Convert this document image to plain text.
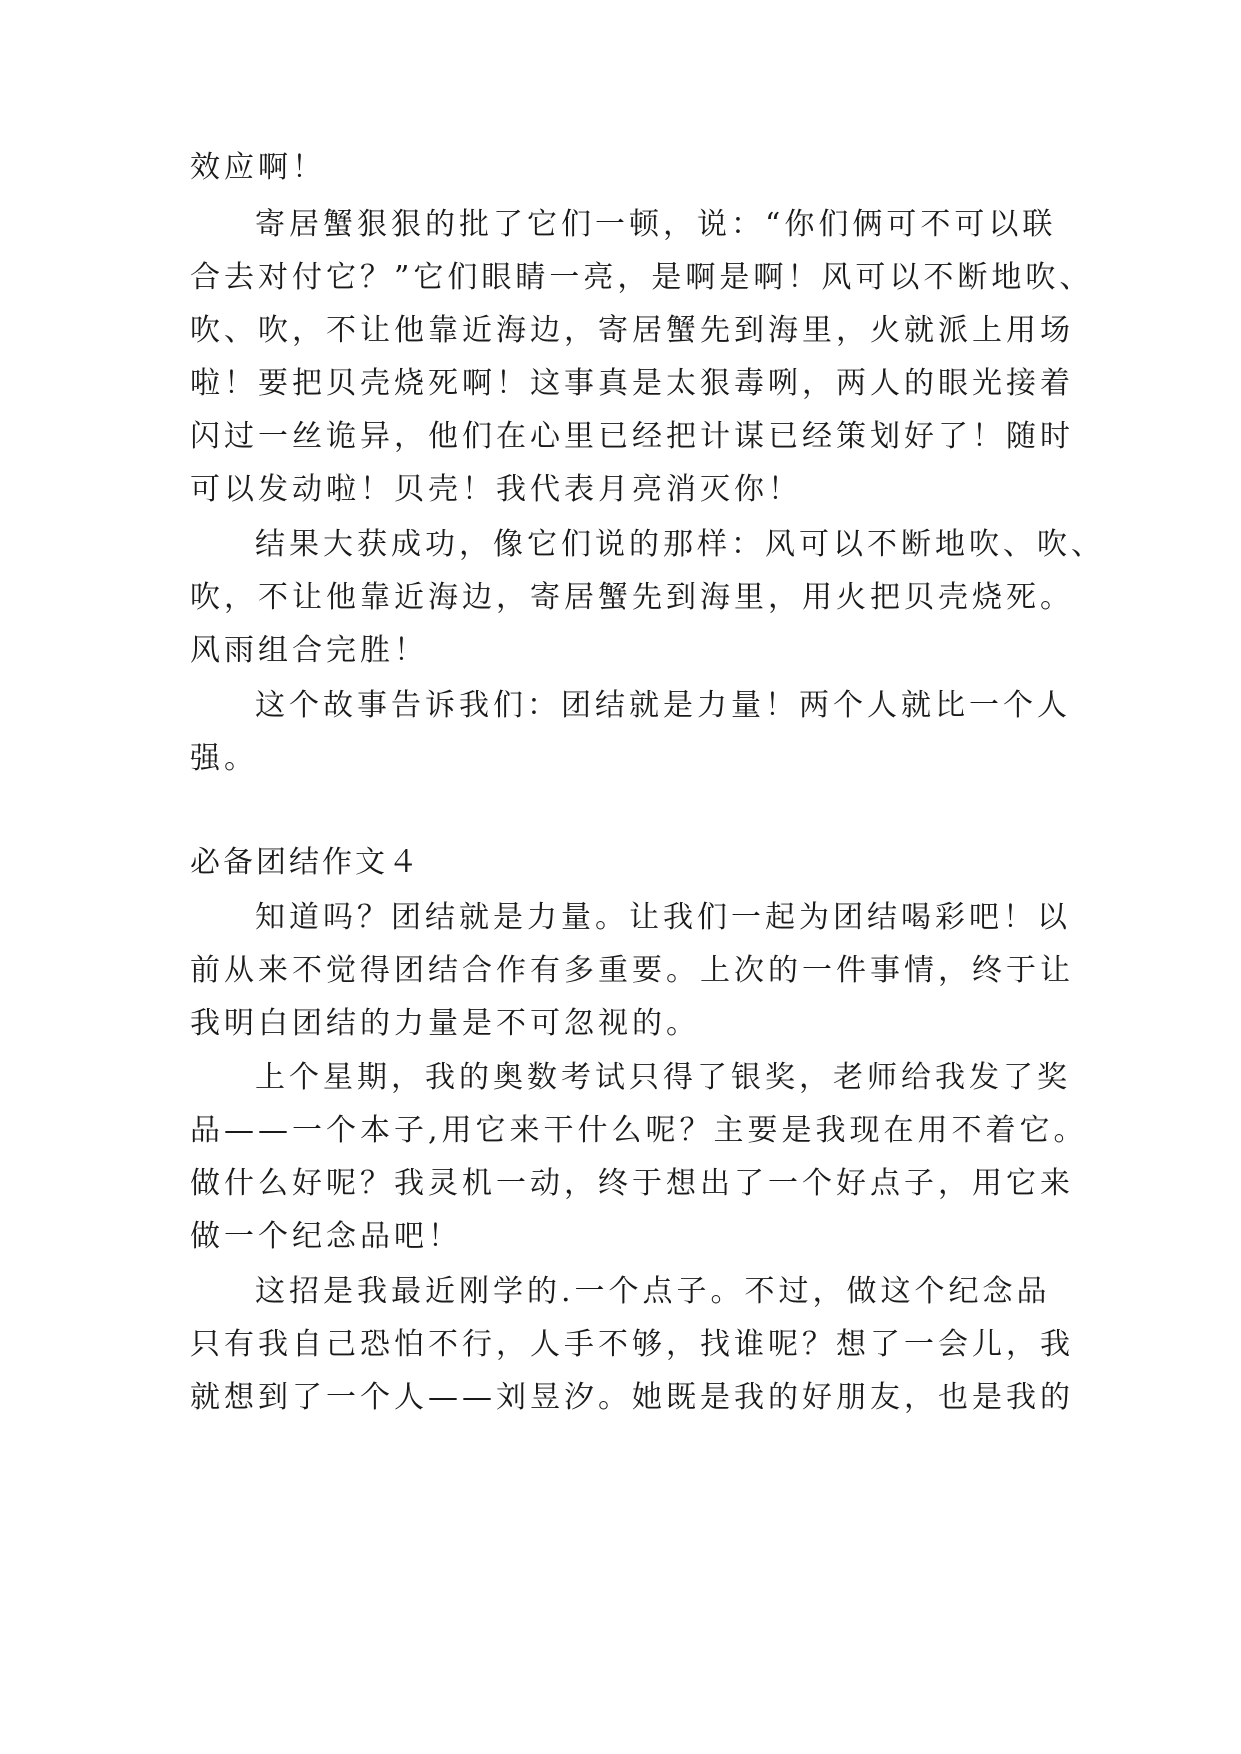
效应啊！
寄居蟹狠狠的批了它们一顿，说：“你们俩可不可以联
合去对付它？”它们眼睛一亮，是啊是啊！风可以不断地吹、
吹、吹，不让他靠近海边，寄居蟹先到海里，火就派上用场
啦！要把贝壳烧死啊！这事真是太狠毒咧，两人的眼光接着
闪过一丝诡异，他们在心里已经把计谋已经策划好了！随时
可以发动啦！贝壳！我代表月亮消灭你！
结果大获成功，像它们说的那样：风可以不断地吹、吹、
吹，不让他靠近海边，寄居蟹先到海里，用火把贝壳烧死。
风雨组合完胜！
这个故事告诉我们：团结就是力量！两个人就比一个人
强。
必备团结作文４
知道吗？团结就是力量。让我们一起为团结喝彩吧！以
前从来不觉得团结合作有多重要。上次的一件事情，终于让
我明白团结的力量是不可忽视的。
上个星期，我的奥数考试只得了银奖，老师给我发了奖
品——一个本子,用它来干什么呢？主要是我现在用不着它。
做什么好呢？我灵机一动，终于想出了一个好点子，用它来
做一个纪念品吧！
这招是我最近刚学的.一个点子。不过，做这个纪念品
只有我自己恐怕不行，人手不够，找谁呢？想了一会儿，我
就想到了一个人——刘昱汐。她既是我的好朋友，也是我的
